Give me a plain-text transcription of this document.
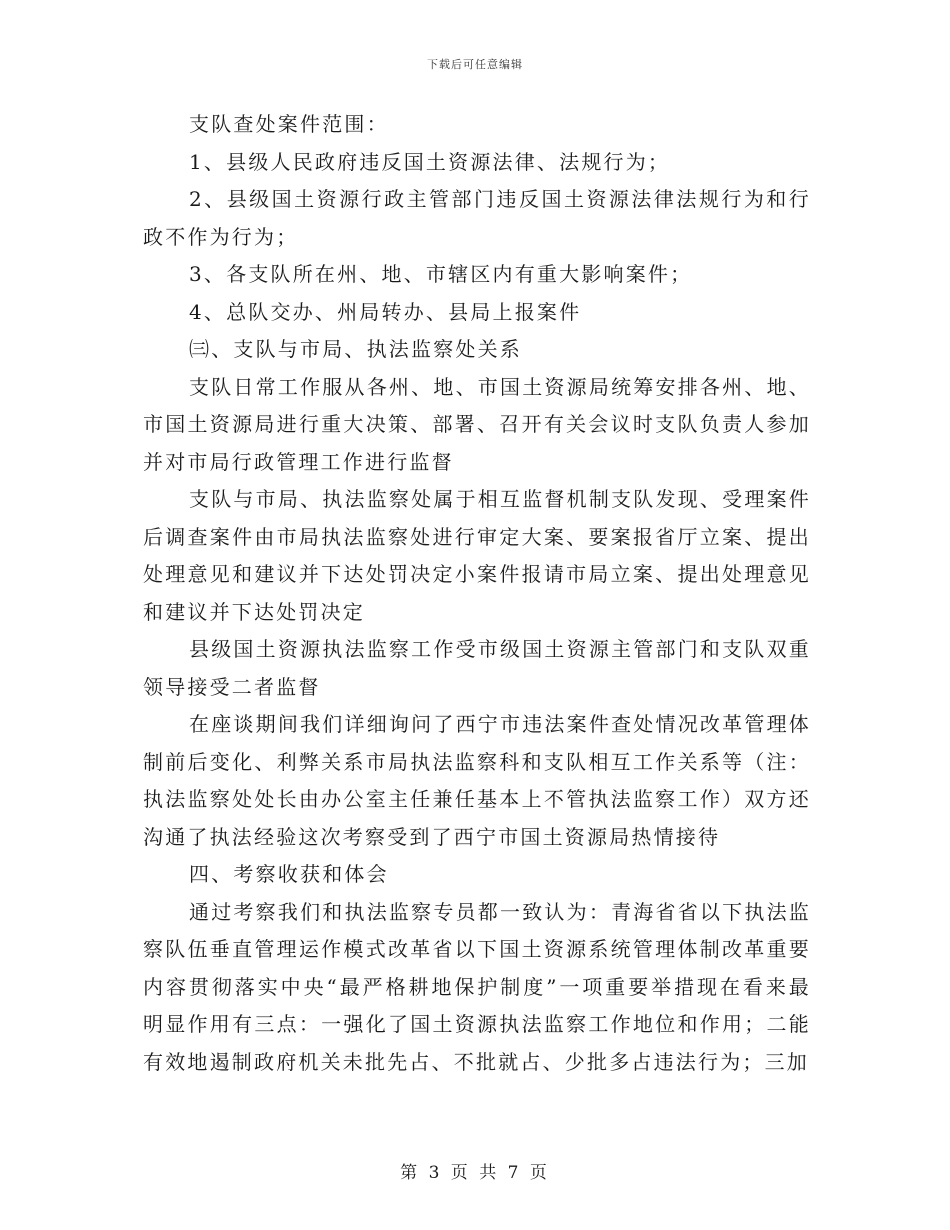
下载后可任意编辑

支队查处案件范围：

1、县级人民政府违反国土资源法律、法规行为；

2、县级国土资源行政主管部门违反国土资源法律法规行为和行政不作为行为；

3、各支队所在州、地、市辖区内有重大影响案件；

4、总队交办、州局转办、县局上报案件

㈢、支队与市局、执法监察处关系

支队日常工作服从各州、地、市国土资源局统筹安排各州、地、市国土资源局进行重大决策、部署、召开有关会议时支队负责人参加并对市局行政管理工作进行监督

支队与市局、执法监察处属于相互监督机制支队发现、受理案件后调查案件由市局执法监察处进行审定大案、要案报省厅立案、提出处理意见和建议并下达处罚决定小案件报请市局立案、提出处理意见和建议并下达处罚决定

县级国土资源执法监察工作受市级国土资源主管部门和支队双重领导接受二者监督

在座谈期间我们详细询问了西宁市违法案件查处情况改革管理体制前后变化、利弊关系市局执法监察科和支队相互工作关系等（注：执法监察处处长由办公室主任兼任基本上不管执法监察工作）双方还沟通了执法经验这次考察受到了西宁市国土资源局热情接待

四、考察收获和体会

通过考察我们和执法监察专员都一致认为：青海省省以下执法监察队伍垂直管理运作模式改革省以下国土资源系统管理体制改革重要内容贯彻落实中央“最严格耕地保护制度”一项重要举措现在看来最明显作用有三点：一强化了国土资源执法监察工作地位和作用；二能有效地遏制政府机关未批先占、不批就占、少批多占违法行为；三加

第 3 页 共 7 页
